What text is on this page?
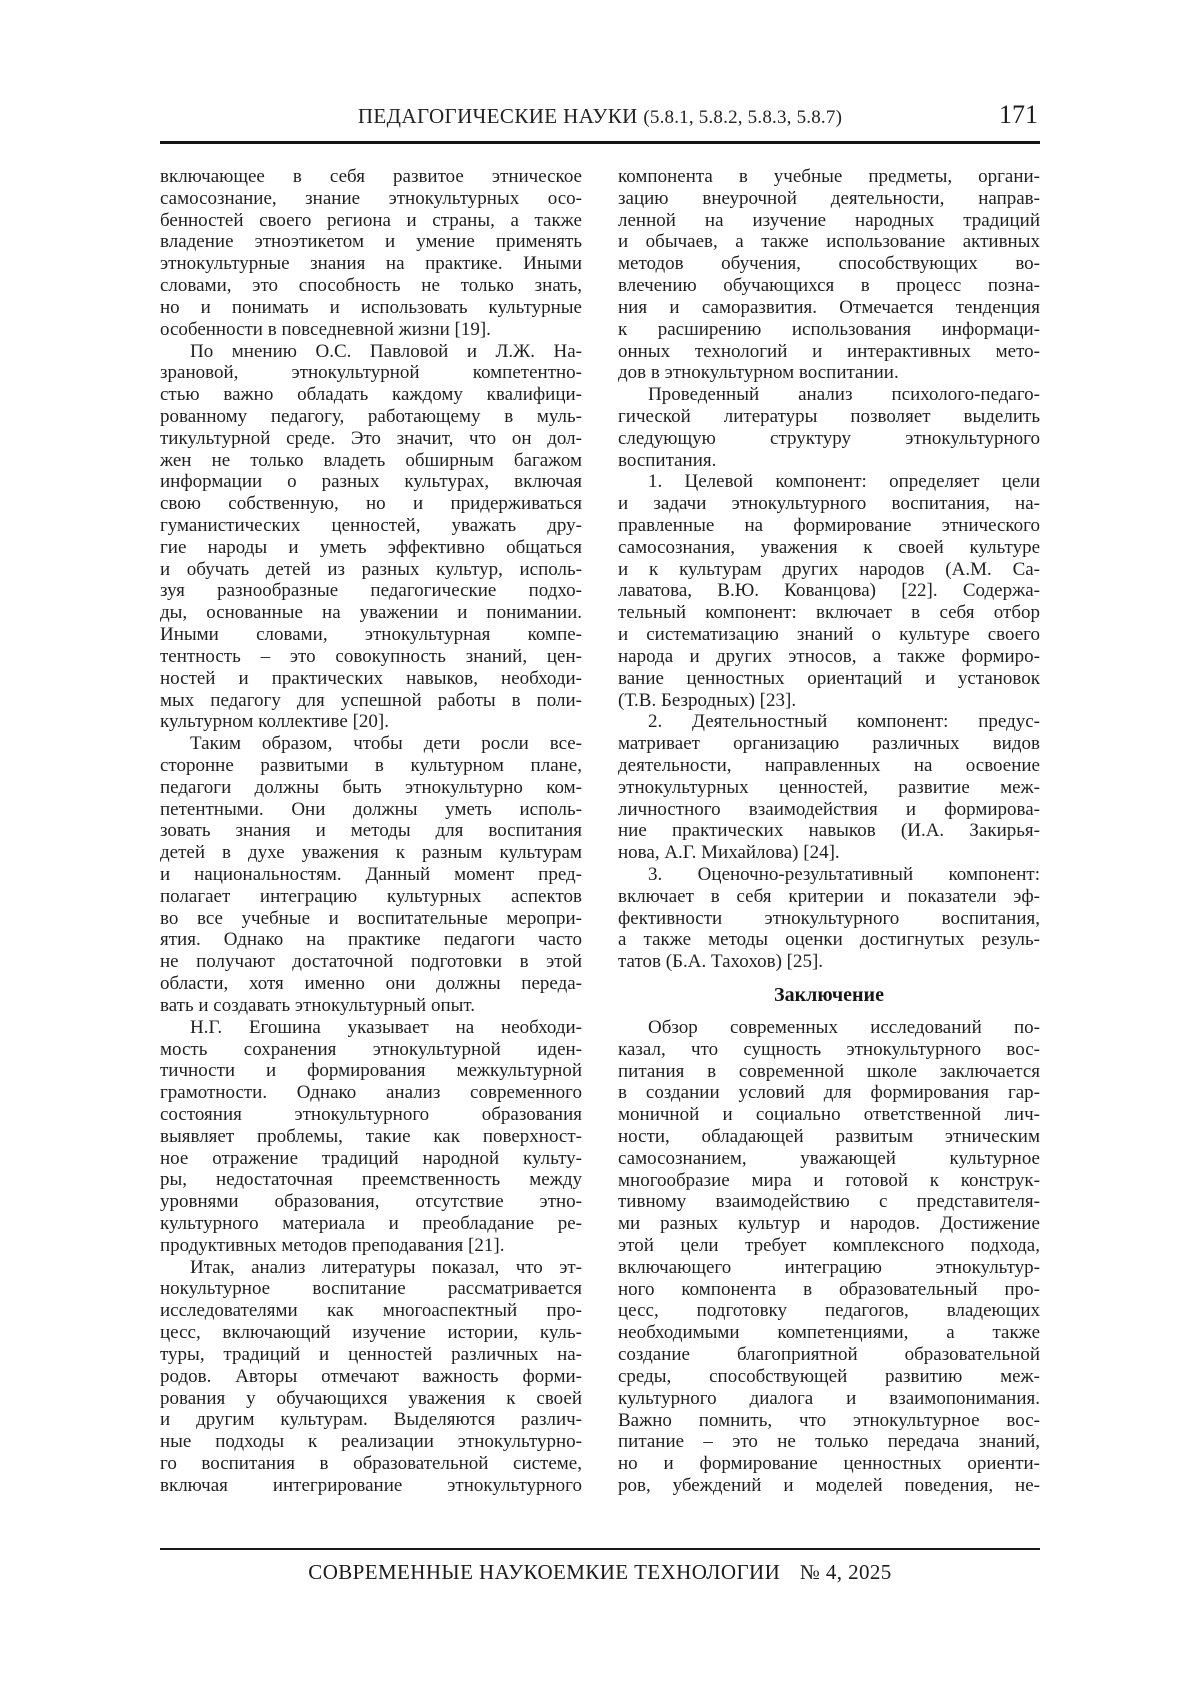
ПЕДАГОГИЧЕСКИЕ НАУКИ (5.8.1, 5.8.2, 5.8.3, 5.8.7)	171
включающее в себя развитое этническое
самосознание, знание этнокультурных осо-
бенностей своего региона и страны, а также
владение этноэтикетом и умение применять
этнокультурные знания на практике. Иными
словами, это способность не только знать,
но и понимать и использовать культурные
особенности в повседневной жизни [19].
По мнению О.С. Павловой и Л.Ж. На-
зрановой, этнокультурной компетентно-
стью важно обладать каждому квалифици-
рованному педагогу, работающему в муль-
тикультурной среде. Это значит, что он дол-
жен не только владеть обширным багажом
информации о разных культурах, включая
свою собственную, но и придерживаться
гуманистических ценностей, уважать дру-
гие народы и уметь эффективно общаться
и обучать детей из разных культур, исполь-
зуя разнообразные педагогические подхо-
ды, основанные на уважении и понимании.
Иными словами, этнокультурная компе-
тентность – это совокупность знаний, цен-
ностей и практических навыков, необходи-
мых педагогу для успешной работы в поли-
культурном коллективе [20].
Таким образом, чтобы дети росли все-
сторонне развитыми в культурном плане,
педагоги должны быть этнокультурно ком-
петентными. Они должны уметь исполь-
зовать знания и методы для воспитания
детей в духе уважения к разным культурам
и национальностям. Данный момент пред-
полагает интеграцию культурных аспектов
во все учебные и воспитательные меропри-
ятия. Однако на практике педагоги часто
не получают достаточной подготовки в этой
области, хотя именно они должны переда-
вать и создавать этнокультурный опыт.
Н.Г. Егошина указывает на необходи-
мость сохранения этнокультурной иден-
тичности и формирования межкультурной
грамотности. Однако анализ современного
состояния этнокультурного образования
выявляет проблемы, такие как поверхност-
ное отражение традиций народной культу-
ры, недостаточная преемственность между
уровнями образования, отсутствие этно-
культурного материала и преобладание ре-
продуктивных методов преподавания [21].
Итак, анализ литературы показал, что эт-
нокультурное воспитание рассматривается
исследователями как многоаспектный про-
цесс, включающий изучение истории, куль-
туры, традиций и ценностей различных на-
родов. Авторы отмечают важность форми-
рования у обучающихся уважения к своей
и другим культурам. Выделяются различ-
ные подходы к реализации этнокультурно-
го воспитания в образовательной системе,
включая интегрирование этнокультурного
компонента в учебные предметы, органи-
зацию внеурочной деятельности, направ-
ленной на изучение народных традиций
и обычаев, а также использование активных
методов обучения, способствующих во-
влечению обучающихся в процесс позна-
ния и саморазвития. Отмечается тенденция
к расширению использования информаци-
онных технологий и интерактивных мето-
дов в этнокультурном воспитании.
Проведенный анализ психолого-педаго-
гической литературы позволяет выделить
следующую структуру этнокультурного
воспитания.
1. Целевой компонент: определяет цели
и задачи этнокультурного воспитания, на-
правленные на формирование этнического
самосознания, уважения к своей культуре
и к культурам других народов (А.М. Са-
лаватова, В.Ю. Кованцова) [22]. Содержа-
тельный компонент: включает в себя отбор
и систематизацию знаний о культуре своего
народа и других этносов, а также формиро-
вание ценностных ориентаций и установок
(Т.В. Безродных) [23].
2. Деятельностный компонент: предус-
матривает организацию различных видов
деятельности, направленных на освоение
этнокультурных ценностей, развитие меж-
личностного взаимодействия и формирова-
ние практических навыков (И.А. Закирья-
нова, А.Г. Михайлова) [24].
3. Оценочно-результативный компонент:
включает в себя критерии и показатели эф-
фективности этнокультурного воспитания,
а также методы оценки достигнутых резуль-
татов (Б.А. Тахохов) [25].
Заключение
Обзор современных исследований по-
казал, что сущность этнокультурного вос-
питания в современной школе заключается
в создании условий для формирования гар-
моничной и социально ответственной лич-
ности, обладающей развитым этническим
самосознанием, уважающей культурное
многообразие мира и готовой к конструк-
тивному взаимодействию с представителя-
ми разных культур и народов. Достижение
этой цели требует комплексного подхода,
включающего интеграцию этнокультур-
ного компонента в образовательный про-
цесс, подготовку педагогов, владеющих
необходимыми компетенциями, а также
создание благоприятной образовательной
среды, способствующей развитию меж-
культурного диалога и взаимопонимания.
Важно помнить, что этнокультурное вос-
питание – это не только передача знаний,
но и формирование ценностных ориенти-
ров, убеждений и моделей поведения, не-
СОВРЕМЕННЫЕ НАУКОЕМКИЕ ТЕХНОЛОГИИ № 4, 2025
